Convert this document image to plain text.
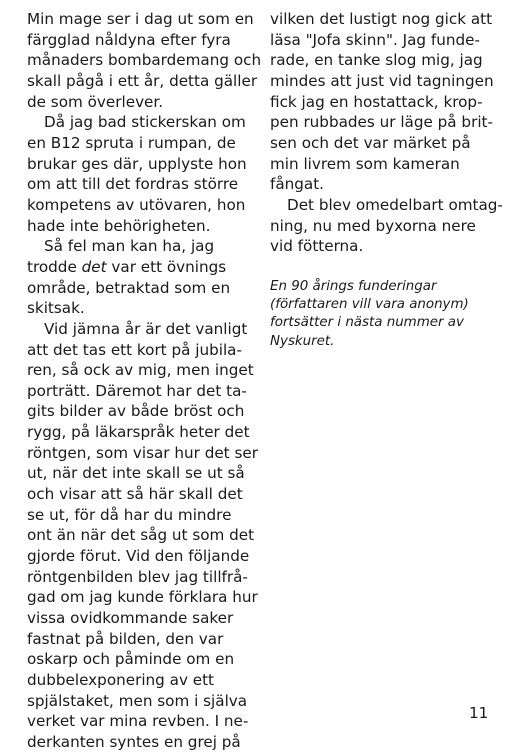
Min mage ser i dag ut som en
färgglad nåldyna efter fyra
månaders bombardemang och
skall pågå i ett år, detta gäller
de som överlever.
Då jag bad stickerskan om
en B12 spruta i rumpan, de
brukar ges där, upplyste hon
om att till det fordras större
kompetens av utövaren, hon
hade inte behörigheten.
Så fel man kan ha, jag
trodde det var ett övnings
område, betraktad som en
skitsak.
Vid jämna år är det vanligt
att det tas ett kort på jubila-
ren, så ock av mig, men inget
porträtt. Däremot har det ta-
gits bilder av både bröst och
rygg, på läkarspråk heter det
röntgen, som visar hur det ser
ut, när det inte skall se ut så
och visar att så här skall det
se ut, för då har du mindre
ont än när det såg ut som det
gjorde förut. Vid den följande
röntgenbilden blev jag tillfrå-
gad om jag kunde förklara hur
vissa ovidkommande saker
fastnat på bilden, den var
oskarp och påminde om en
dubbelexponering av ett
spjälstaket, men som i själva
verket var mina revben. I ne-
derkanten syntes en grej på
vilken det lustigt nog gick att
läsa "Jofa skinn". Jag funde-
rade, en tanke slog mig, jag
mindes att just vid tagningen
fick jag en hostattack, krop-
pen rubbades ur läge på brit-
sen och det var märket på
min livrem som kameran
fångat.
Det blev omedelbart omtag-
ning, nu med byxorna nere
vid fötterna.
En 90 årings funderingar
(författaren vill vara anonym)
fortsätter i nästa nummer av
Nyskuret.
11
